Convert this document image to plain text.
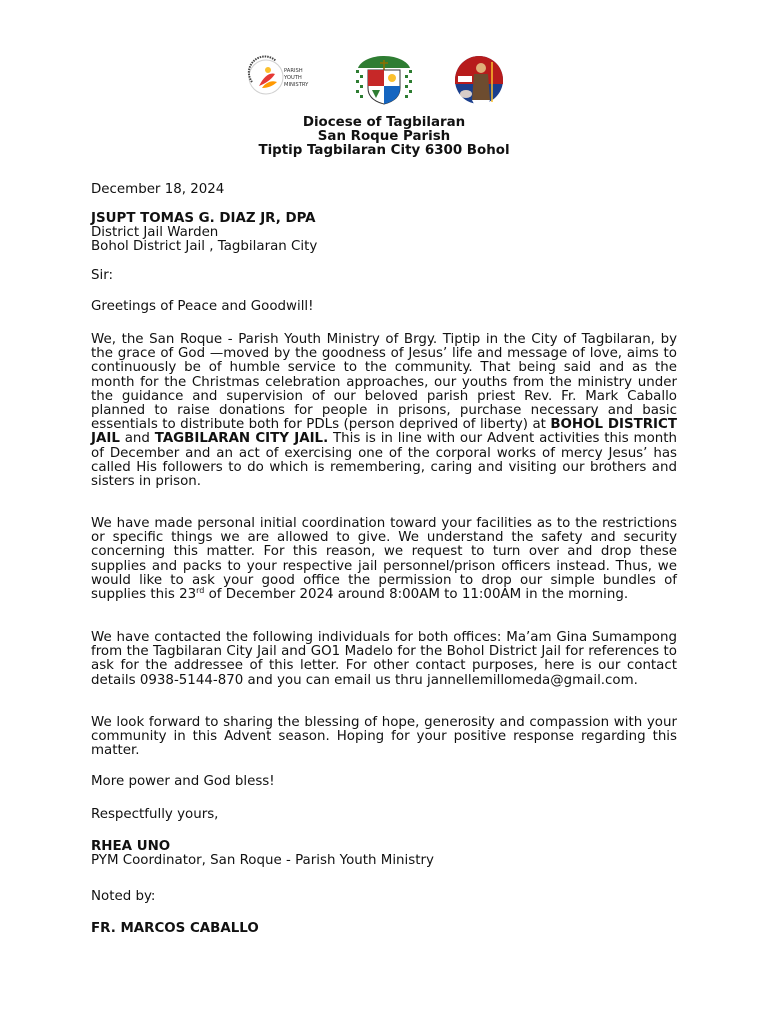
PARISH
YOUTH
MINISTRY
Diocese of Tagbilaran
San Roque Parish
Tiptip Tagbilaran City 6300 Bohol
December 18, 2024
JSUPT TOMAS G. DIAZ JR, DPA
District Jail Warden
Bohol District Jail , Tagbilaran City
Sir:
Greetings of Peace and Goodwill!
We, the San Roque - Parish Youth Ministry of Brgy. Tiptip in the City of Tagbilaran, by the grace of God —moved by the goodness of Jesus’ life and message of love, aims to continuously be of humble service to the community. That being said and as the month for the Christmas celebration approaches, our youths from the ministry under the guidance and supervision of our beloved parish priest Rev. Fr. Mark Caballo planned to raise donations for people in prisons, purchase necessary and basic essentials to distribute both for PDLs (person deprived of liberty) at BOHOL DISTRICT JAIL and TAGBILARAN CITY JAIL. This is in line with our Advent activities this month of December and an act of exercising one of the corporal works of mercy Jesus’ has called His followers to do which is remembering, caring and visiting our brothers and sisters in prison.
We have made personal initial coordination toward your facilities as to the restrictions or specific things we are allowed to give. We understand the safety and security concerning this matter. For this reason, we request to turn over and drop these supplies and packs to your respective jail personnel/prison officers instead. Thus, we would like to ask your good office the permission to drop our simple bundles of supplies this 23rd of December 2024 around 8:00AM to 11:00AM in the morning.
We have contacted the following individuals for both offices: Ma’am Gina Sumampong from the Tagbilaran City Jail and GO1 Madelo for the Bohol District Jail for references to ask for the addressee of this letter. For other contact purposes, here is our contact details 0938-5144-870 and you can email us thru jannellemillomeda@gmail.com.
We look forward to sharing the blessing of hope, generosity and compassion with your community in this Advent season. Hoping for your positive response regarding this matter.
More power and God bless!
Respectfully yours,
RHEA UNO
PYM Coordinator, San Roque - Parish Youth Ministry
Noted by:
FR. MARCOS CABALLO
